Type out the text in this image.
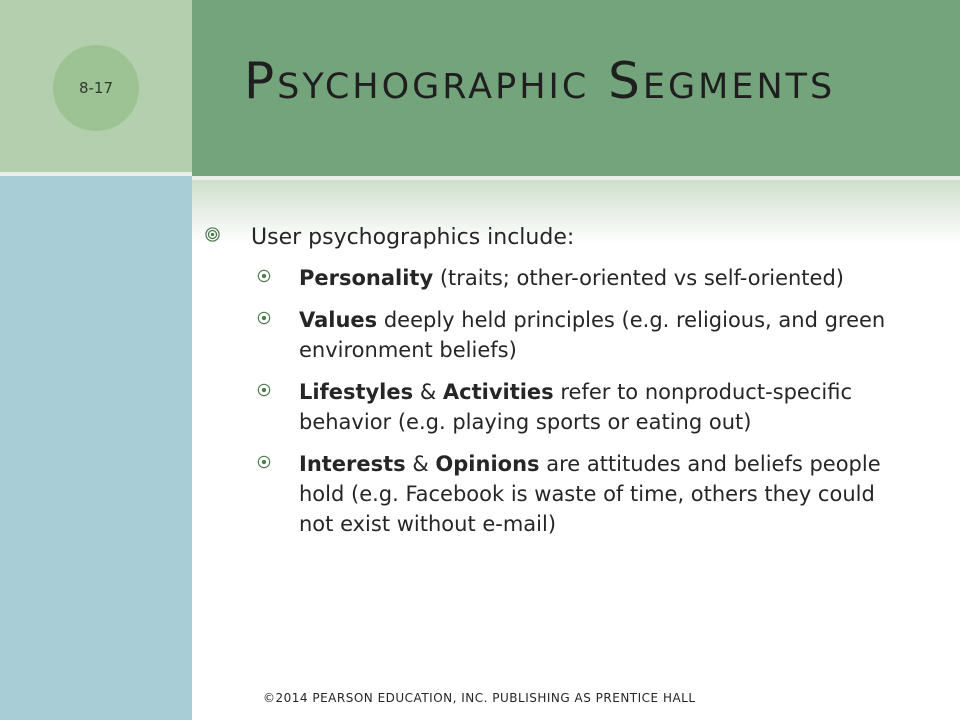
8-17	Psychographic Segments
User psychographics include:
Personality (traits; other-oriented vs self-oriented)
Values deeply held principles (e.g. religious, and green environment beliefs)
Lifestyles & Activities refer to nonproduct-specific behavior (e.g. playing sports or eating out)
Interests & Opinions are attitudes and beliefs people hold (e.g. Facebook is waste of time, others they could not exist without e-mail)
©2014 PEARSON EDUCATION, INC. PUBLISHING AS PRENTICE HALL
